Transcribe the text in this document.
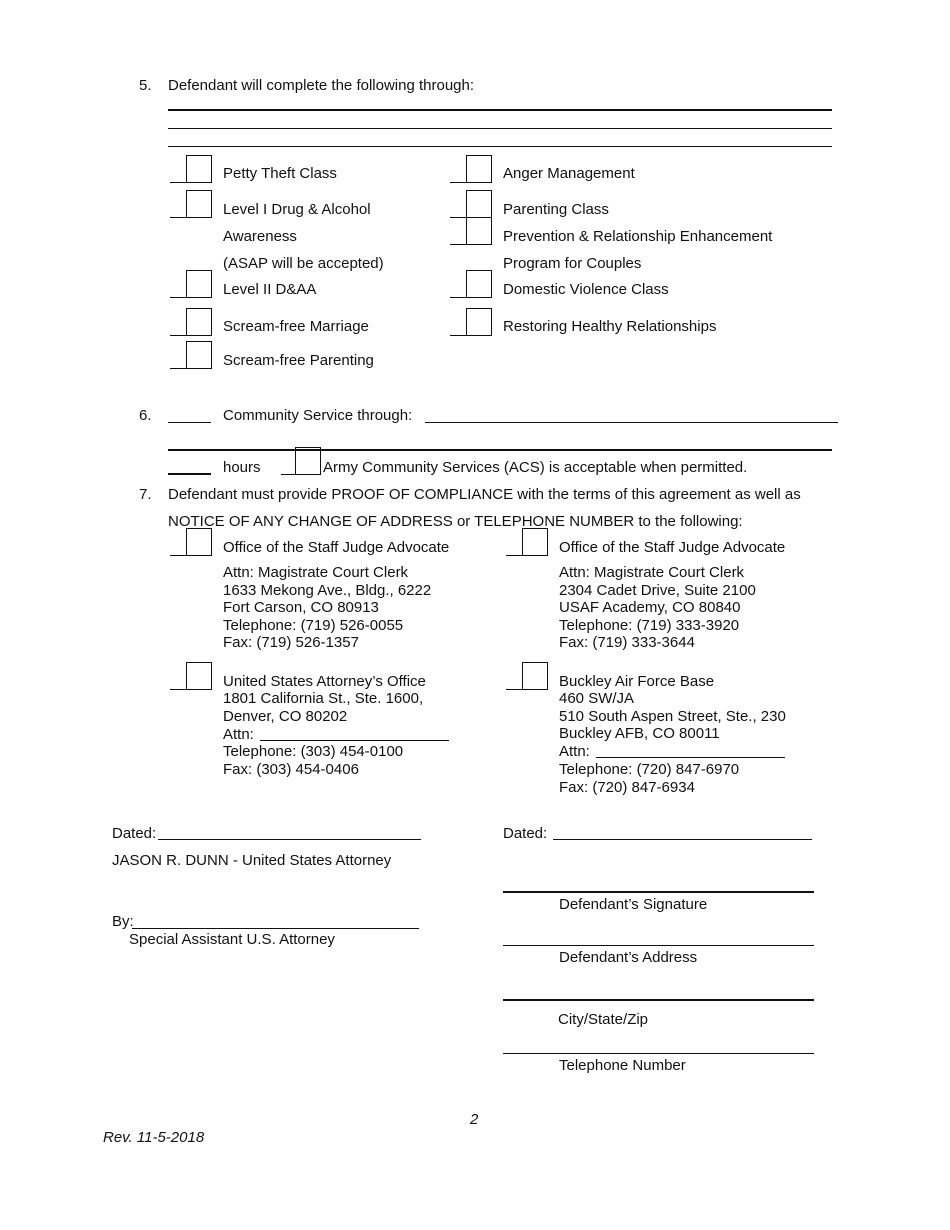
5. Defendant will complete the following through:
Petty Theft Class
Level I Drug & Alcohol
Awareness
(ASAP will be accepted)
Level II D&AA
Scream-free Marriage
Scream-free Parenting
Anger Management
Parenting Class
Prevention & Relationship Enhancement
Program for Couples
Domestic Violence Class
Restoring Healthy Relationships
6.	Community Service through:
hours	Army Community Services (ACS) is acceptable when permitted.
7. Defendant must provide PROOF OF COMPLIANCE with the terms of this agreement as well as
NOTICE OF ANY CHANGE OF ADDRESS or TELEPHONE NUMBER to the following:
Office of the Staff Judge Advocate
Attn: Magistrate Court Clerk
1633 Mekong Ave., Bldg., 6222
Fort Carson, CO 80913
Telephone: (719) 526-0055
Fax: (719) 526-1357
Office of the Staff Judge Advocate
Attn: Magistrate Court Clerk
2304 Cadet Drive, Suite 2100
USAF Academy, CO 80840
Telephone: (719) 333-3920
Fax: (719) 333-3644
United States Attorney’s Office
1801 California St., Ste. 1600,
Denver, CO 80202
Attn:
Telephone: (303) 454-0100
Fax: (303) 454-0406
Buckley Air Force Base
460 SW/JA
510 South Aspen Street, Ste., 230
Buckley AFB, CO 80011
Attn:
Telephone: (720) 847-6970
Fax: (720) 847-6934
Dated:	Dated:
JASON R. DUNN - United States Attorney
By:
Special Assistant U.S. Attorney
Defendant’s Signature
Defendant’s Address
City/State/Zip
Telephone Number
2
Rev. 11-5-2018
